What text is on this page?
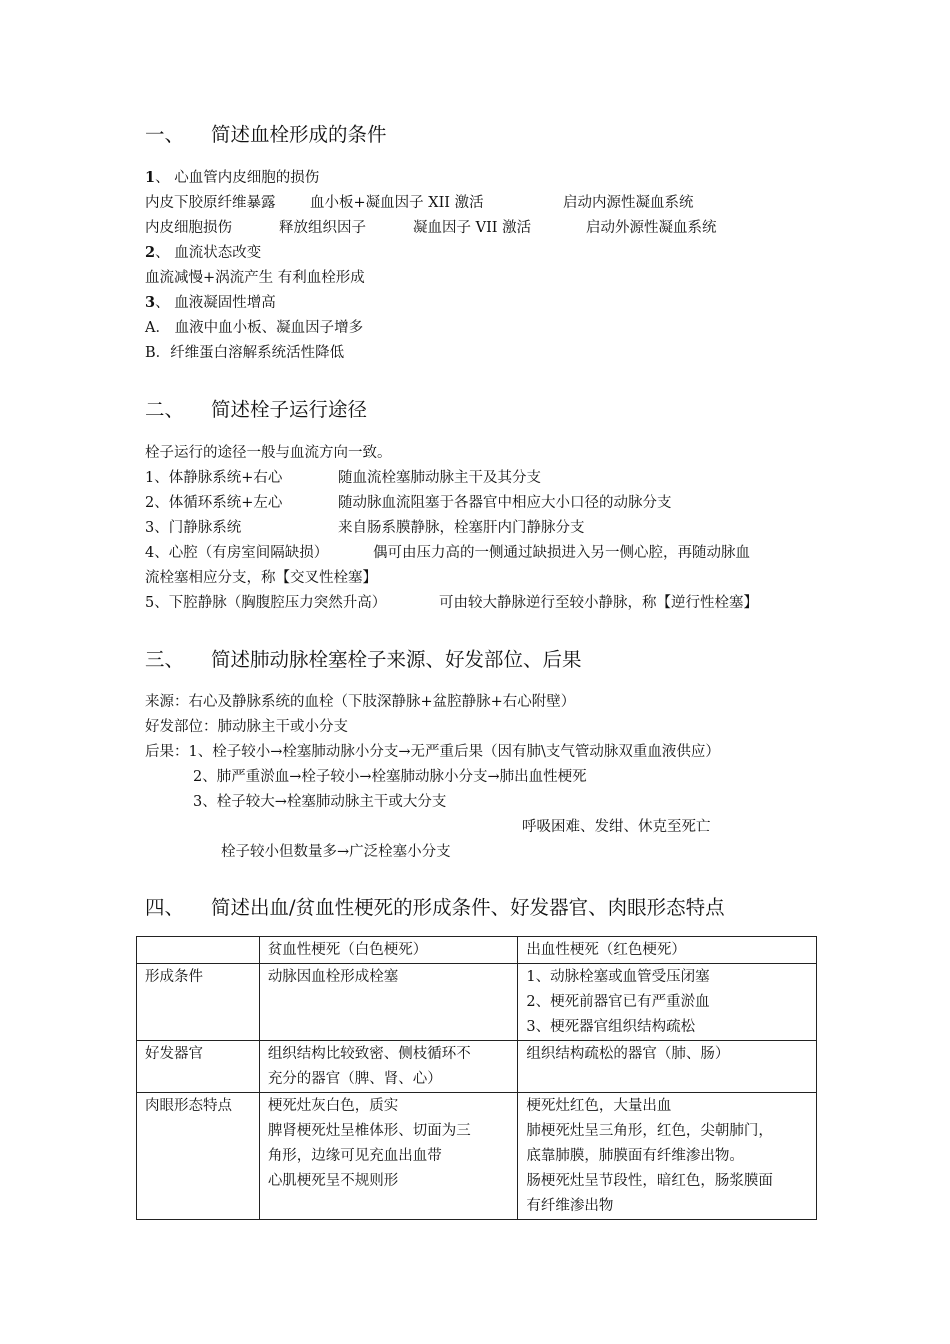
一、 简述血栓形成的条件
1、 心血管内皮细胞的损伤
内皮下胶原纤维暴露 血小板+凝血因子 XII 激活	启动内源性凝血系统
内皮细胞损伤	释放组织因子	凝血因子 VII 激活	启动外源性凝血系统
2、 血流状态改变
血流减慢+涡流产生 有利血栓形成
3、 血液凝固性增高
A． 血液中血小板、凝血因子增多
B．纤维蛋白溶解系统活性降低
二、 简述栓子运行途径
栓子运行的途径一般与血流方向一致。
1、体静脉系统+右心	随血流栓塞肺动脉主干及其分支
2、体循环系统+左心	随动脉血流阻塞于各器官中相应大小口径的动脉分支
3、门静脉系统	来自肠系膜静脉，栓塞肝内门静脉分支
4、心腔（有房室间隔缺损）	偶可由压力高的一侧通过缺损进入另一侧心腔，再随动脉血
流栓塞相应分支，称【交叉性栓塞】
5、下腔静脉（胸腹腔压力突然升高）	可由较大静脉逆行至较小静脉，称【逆行性栓塞】
三、 简述肺动脉栓塞栓子来源、好发部位、后果
来源：右心及静脉系统的血栓（下肢深静脉+盆腔静脉+右心附壁）
好发部位：肺动脉主干或小分支
后果：1、栓子较小→栓塞肺动脉小分支→无严重后果（因有肺\支气管动脉双重血液供应）
2、肺严重淤血→栓子较小→栓塞肺动脉小分支→肺出血性梗死
3、栓子较大→栓塞肺动脉主干或大分支
呼吸困难、发绀、休克至死亡
栓子较小但数量多→广泛栓塞小分支
四、 简述出血/贫血性梗死的形成条件、好发器官、肉眼形态特点
	贫血性梗死（白色梗死）	出血性梗死（红色梗死）
形成条件	动脉因血栓形成栓塞	1、动脉栓塞或血管受压闭塞
2、梗死前器官已有严重淤血
3、梗死器官组织结构疏松

好发器官	组织结构比较致密、侧枝循环不
充分的器官（脾、肾、心）	组织结构疏松的器官（肺、肠）

肉眼形态特点	梗死灶灰白色，质实
脾肾梗死灶呈椎体形、切面为三
角形，边缘可见充血出血带
心肌梗死呈不规则形	梗死灶红色，大量出血
肺梗死灶呈三角形，红色，尖朝肺门，
底靠肺膜，肺膜面有纤维渗出物。
肠梗死灶呈节段性，暗红色，肠浆膜面
有纤维渗出物
